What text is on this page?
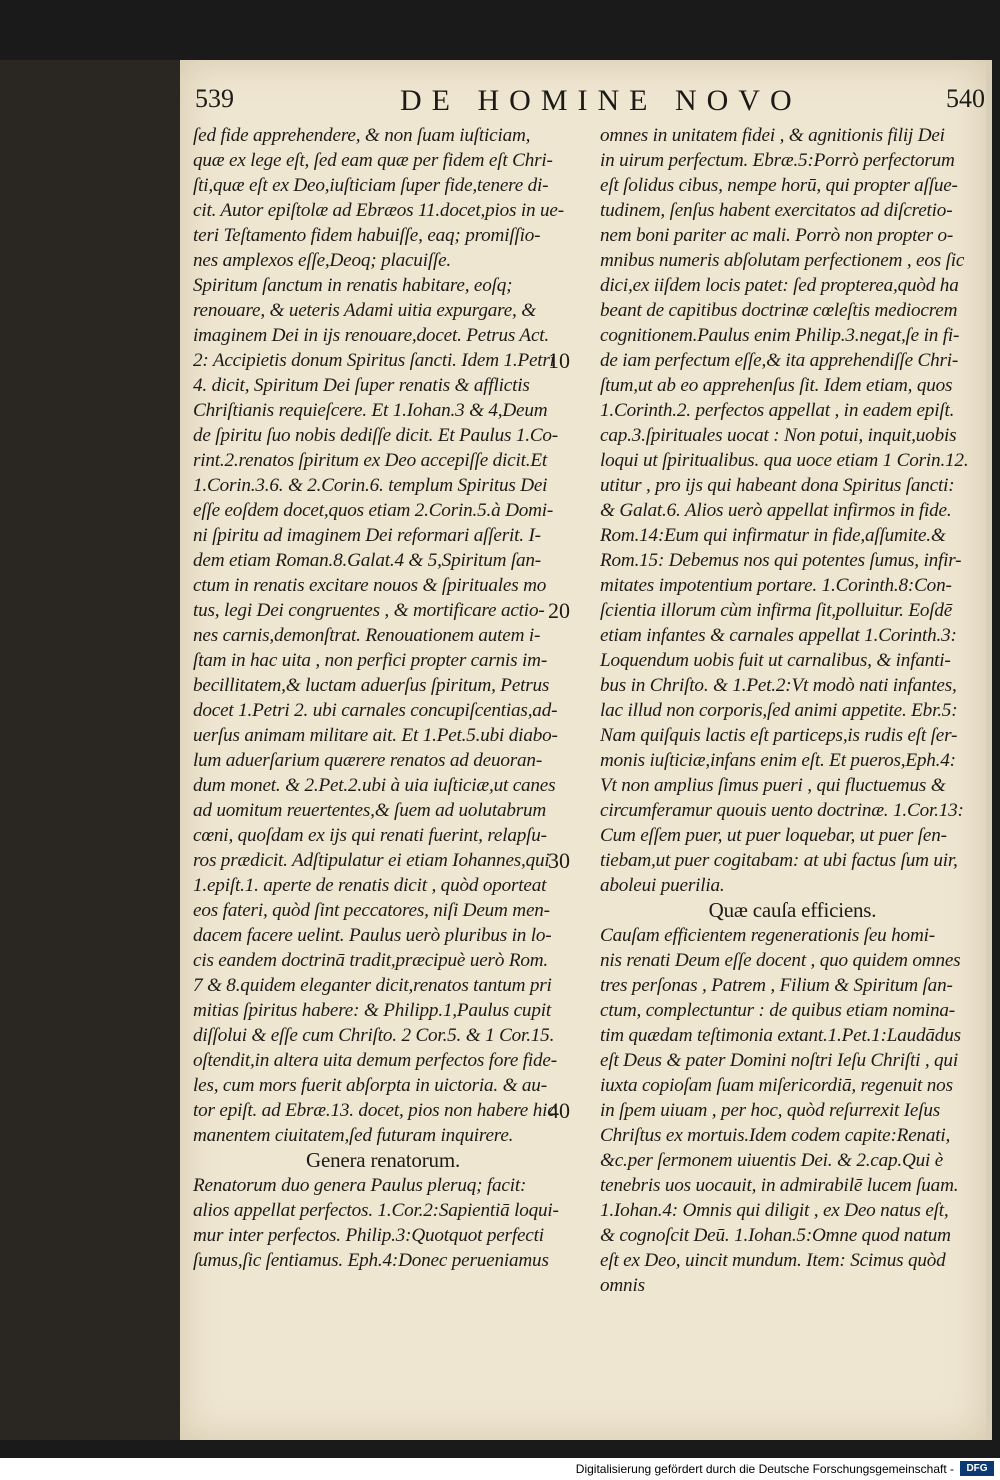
539	DE HOMINE NOVO	540
ſed fide apprehendere, & non ſuam iuſticiam,
quæ ex lege eſt, ſed eam quæ per fidem eſt Chri-
ſti,quæ eſt ex Deo,iuſticiam ſuper fide,tenere di-
cit. Autor epiſtolæ ad Ebræos 11.docet,pios in ue-
teri Teſtamento fidem habuiſſe, eaq; promiſſio-
nes amplexos eſſe,Deoq; placuiſſe.
Spiritum ſanctum in renatis habitare, eoſq;
renouare, & ueteris Adami uitia expurgare, &
imaginem Dei in ijs renouare,docet. Petrus Act.
2: Accipietis donum Spiritus ſancti. Idem 1.Petri
4. dicit, Spiritum Dei ſuper renatis & afflictis
Chriſtianis requieſcere. Et 1.Iohan.3 & 4,Deum
de ſpiritu ſuo nobis dediſſe dicit. Et Paulus 1.Co-
rint.2.renatos ſpiritum ex Deo accepiſſe dicit.Et
1.Corin.3.6. & 2.Corin.6. templum Spiritus Dei
eſſe eoſdem docet,quos etiam 2.Corin.5.à Domi-
ni ſpiritu ad imaginem Dei reformari aſſerit. I-
dem etiam Roman.8.Galat.4 & 5,Spiritum ſan-
ctum in renatis excitare nouos & ſpirituales mo
tus, legi Dei congruentes , & mortificare actio-
nes carnis,demonſtrat. Renouationem autem i-
ſtam in hac uita , non perfici propter carnis im-
becillitatem,& luctam aduerſus ſpiritum, Petrus
docet 1.Petri 2. ubi carnales concupiſcentias,ad-
uerſus animam militare ait. Et 1.Pet.5.ubi diabo-
lum aduerſarium quærere renatos ad deuoran-
dum monet. & 2.Pet.2.ubi à uia iuſticiæ,ut canes
ad uomitum reuertentes,& ſuem ad uolutabrum
cœni, quoſdam ex ijs qui renati fuerint, relapſu-
ros prædicit. Adſtipulatur ei etiam Iohannes,qui
1.epiſt.1. aperte de renatis dicit , quòd oporteat
eos fateri, quòd ſint peccatores, niſi Deum men-
dacem facere uelint. Paulus uerò pluribus in lo-
cis eandem doctrinā tradit,præcipuè uerò Rom.
7 & 8.quidem eleganter dicit,renatos tantum pri
mitias ſpiritus habere: & Philipp.1,Paulus cupit
diſſolui & eſſe cum Chriſto. 2 Cor.5. & 1 Cor.15.
oſtendit,in altera uita demum perfectos fore fide-
les, cum mors fuerit abſorpta in uictoria. & au-
tor epiſt. ad Ebræ.13. docet, pios non habere hic
manentem ciuitatem,ſed futuram inquirere.
Genera renatorum.
Renatorum duo genera Paulus pleruq; facit:
alios appellat perfectos. 1.Cor.2:Sapientiā loqui-
mur inter perfectos. Philip.3:Quotquot perfecti
ſumus,ſic ſentiamus. Eph.4:Donec perueniamus
omnes in unitatem fidei , & agnitionis filij Dei
in uirum perfectum. Ebræ.5:Porrò perfectorum
eſt ſolidus cibus, nempe horū, qui propter aſſue-
tudinem, ſenſus habent exercitatos ad diſcretio-
nem boni pariter ac mali. Porrò non propter o-
mnibus numeris abſolutam perfectionem , eos ſic
dici,ex iiſdem locis patet: ſed propterea,quòd ha
beant de capitibus doctrinæ cœleſtis mediocrem
cognitionem.Paulus enim Philip.3.negat,ſe in fi-
de iam perfectum eſſe,& ita apprehendiſſe Chri-
ſtum,ut ab eo apprehenſus ſit. Idem etiam, quos
1.Corinth.2. perfectos appellat , in eadem epiſt.
cap.3.ſpirituales uocat : Non potui, inquit,uobis
loqui ut ſpiritualibus. qua uoce etiam 1 Corin.12.
utitur , pro ijs qui habeant dona Spiritus ſancti:
& Galat.6. Alios uerò appellat infirmos in fide.
Rom.14:Eum qui infirmatur in fide,aſſumite.&
Rom.15: Debemus nos qui potentes ſumus, infir-
mitates impotentium portare. 1.Corinth.8:Con-
ſcientia illorum cùm infirma ſit,polluitur. Eoſdē
etiam infantes & carnales appellat 1.Corinth.3:
Loquendum uobis fuit ut carnalibus, & infanti-
bus in Chriſto. & 1.Pet.2:Vt modò nati infantes,
lac illud non corporis,ſed animi appetite. Ebr.5:
Nam quiſquis lactis eſt particeps,is rudis eſt ſer-
monis iuſticiæ,infans enim eſt. Et pueros,Eph.4:
Vt non amplius ſimus pueri , qui fluctuemus &
circumferamur quouis uento doctrinæ. 1.Cor.13:
Cum eſſem puer, ut puer loquebar, ut puer ſen-
tiebam,ut puer cogitabam: at ubi factus ſum uir,
aboleui puerilia.
Quæ cauſa efficiens.
Cauſam efficientem regenerationis ſeu homi-
nis renati Deum eſſe docent , quo quidem omnes
tres perſonas , Patrem , Filium & Spiritum ſan-
ctum, complectuntur : de quibus etiam nomina-
tim quædam teſtimonia extant.1.Pet.1:Laudādus
eſt Deus & pater Domini noſtri Ieſu Chriſti , qui
iuxta copioſam ſuam miſericordiā, regenuit nos
in ſpem uiuam , per hoc, quòd reſurrexit Ieſus
Chriſtus ex mortuis.Idem codem capite:Renati,
&c.per ſermonem uiuentis Dei. & 2.cap.Qui è
tenebris uos uocauit, in admirabilē lucem ſuam.
1.Iohan.4: Omnis qui diligit , ex Deo natus eſt,
& cognoſcit Deū. 1.Iohan.5:Omne quod natum
eſt ex Deo, uincit mundum. Item: Scimus quòd
omnis
10
20
30
40
Digitalisierung gefördert durch die Deutsche Forschungsgemeinschaft -	DFG
